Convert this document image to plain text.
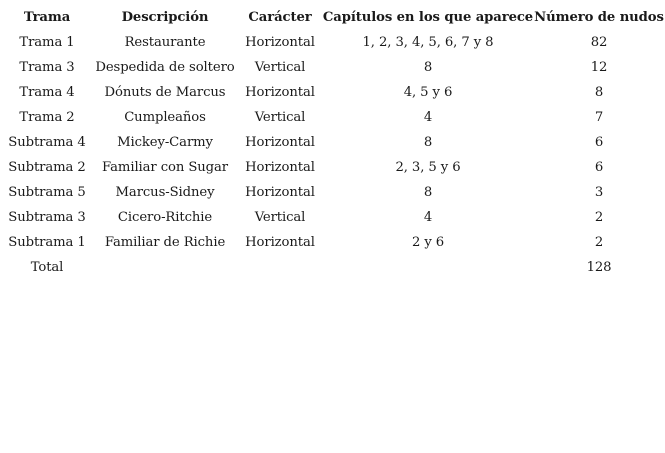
Trama	Descripción	Carácter	Capítulos en los que aparece	Número de nudos
Trama 1	Restaurante	Horizontal	1, 2, 3, 4, 5, 6, 7 y 8	82
Trama 3	Despedida de soltero	Vertical	8	12
Trama 4	Dónuts de Marcus	Horizontal	4, 5 y 6	8
Trama 2	Cumpleaños	Vertical	4	7
Subtrama 4	Mickey-Carmy	Horizontal	8	6
Subtrama 2	Familiar con Sugar	Horizontal	2, 3, 5 y 6	6
Subtrama 5	Marcus-Sidney	Horizontal	8	3
Subtrama 3	Cicero-Ritchie	Vertical	4	2
Subtrama 1	Familiar de Richie	Horizontal	2 y 6	2
Total				128
